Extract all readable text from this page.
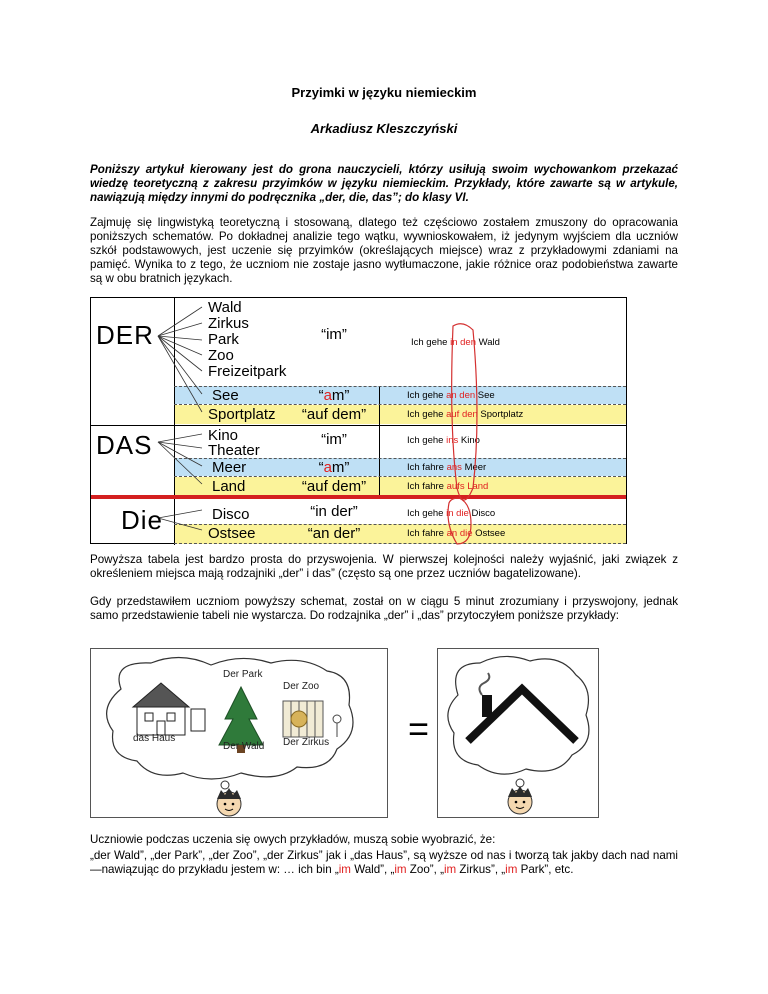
Przyimki w języku niemieckim
Arkadiusz Kleszczyński
Poniższy artykuł kierowany jest do grona nauczycieli, którzy usiłują swoim wychowankom przekazać wiedzę teoretyczną z zakresu przyimków w języku niemieckim. Przykłady, które zawarte są w artykule, nawiązują między innymi do podręcznika „der, die, das”; do klasy VI.
Zajmuję się lingwistyką teoretyczną i stosowaną, dlatego też częściowo zostałem zmuszony do opracowania poniższych schematów. Po dokładnej analizie tego wątku, wywnioskowałem, iż jedynym wyjściem dla uczniów szkół podstawowych, jest uczenie się przyimków (określających miejsce) wraz z przykładowymi zdaniami na pamięć. Wynika to z tego, że uczniom nie zostaje jasno wytłumaczone, jakie różnice oraz podobieństwa zawarte są w obu bratnich językach.
DER
DAS
Die
Wald
Zirkus
Park
Zoo
Freizeitpark
See
Sportplatz
Kino
Theater
Meer
Land
Disco
Ostsee
“im”
“am”
“auf dem”
“im”
“am”
“auf dem”
“in der”
“an der”
Ich gehe in den Wald
Ich gehe an den See
Ich gehe auf den Sportplatz
Ich gehe ins Kino
Ich fahre ans Meer
Ich fahre aufs Land
Ich gehe in die Disco
Ich fahre an die Ostsee
Powyższa tabela jest bardzo prosta do przyswojenia. W pierwszej kolejności należy wyjaśnić, jaki związek z określeniem miejsca mają rodzajniki „der” i das” (często są one przez uczniów bagatelizowane).
Gdy przedstawiłem uczniom powyższy schemat, został on w ciągu 5 minut zrozumiany i przyswojony, jednak samo przedstawienie tabeli nie wystarcza. Do rodzajnika „der” i „das” przytoczyłem poniższe przykłady:
Der Park
Der Zoo
das Haus
Der Wald Der Zirkus =
Uczniowie podczas uczenia się owych przykładów, muszą sobie wyobrazić, że:
„der Wald”, „der Park”, „der Zoo”, „der Zirkus” jak i „das Haus”, są wyższe od nas i tworzą tak jakby dach nad nami—nawiązując do przykładu jestem w: … ich bin „im Wald”, „im Zoo”, „im Zirkus”, „im Park”, etc.
